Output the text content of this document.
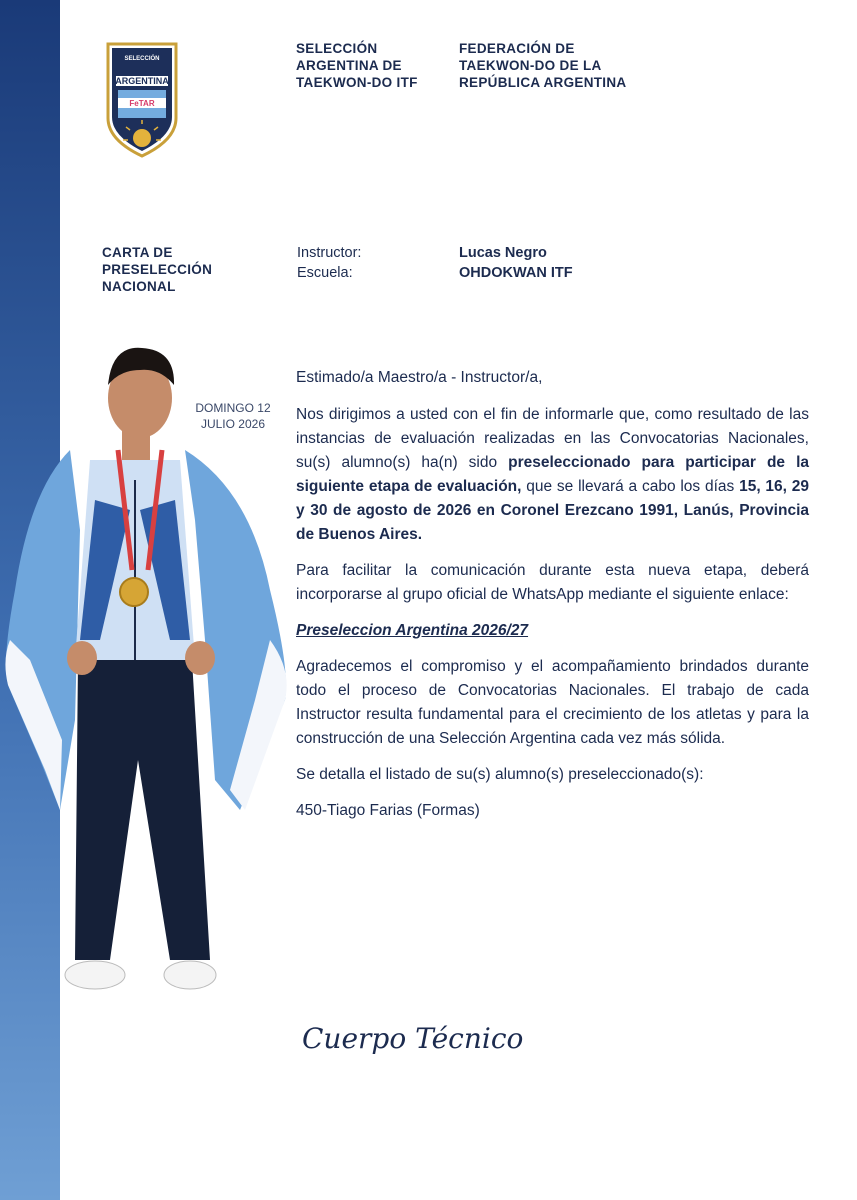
SELECCIÓN
ARGENTINA
FeTAR
SELECCIÓN
ARGENTINA DE
TAEKWON-DO ITF
FEDERACIÓN DE
TAEKWON-DO DE LA
REPÚBLICA ARGENTINA
CARTA DE
PRESELECCIÓN
NACIONAL
Instructor:
Escuela:
Lucas Negro
OHDOKWAN ITF
DOMINGO 12
JULIO 2026

Estimado/a Maestro/a - Instructor/a,

Nos dirigimos a usted con el fin de informarle que, como resultado de las instancias de evaluación realizadas en las Convocatorias Nacionales, su(s) alumno(s) ha(n) sido preseleccionado para participar de la siguiente etapa de evaluación, que se llevará a cabo los días 15, 16, 29 y 30 de agosto de 2026 en Coronel Erezcano 1991, Lanús, Provincia de Buenos Aires.

Para facilitar la comunicación durante esta nueva etapa, deberá incorporarse al grupo oficial de WhatsApp mediante el siguiente enlace:

Preseleccion Argentina 2026/27

Agradecemos el compromiso y el acompañamiento brindados durante todo el proceso de Convocatorias Nacionales. El trabajo de cada Instructor resulta fundamental para el crecimiento de los atletas y para la construcción de una Selección Argentina cada vez más sólida.

Se detalla el listado de su(s) alumno(s) preseleccionado(s):

450-Tiago Farias (Formas)

Cuerpo Técnico
